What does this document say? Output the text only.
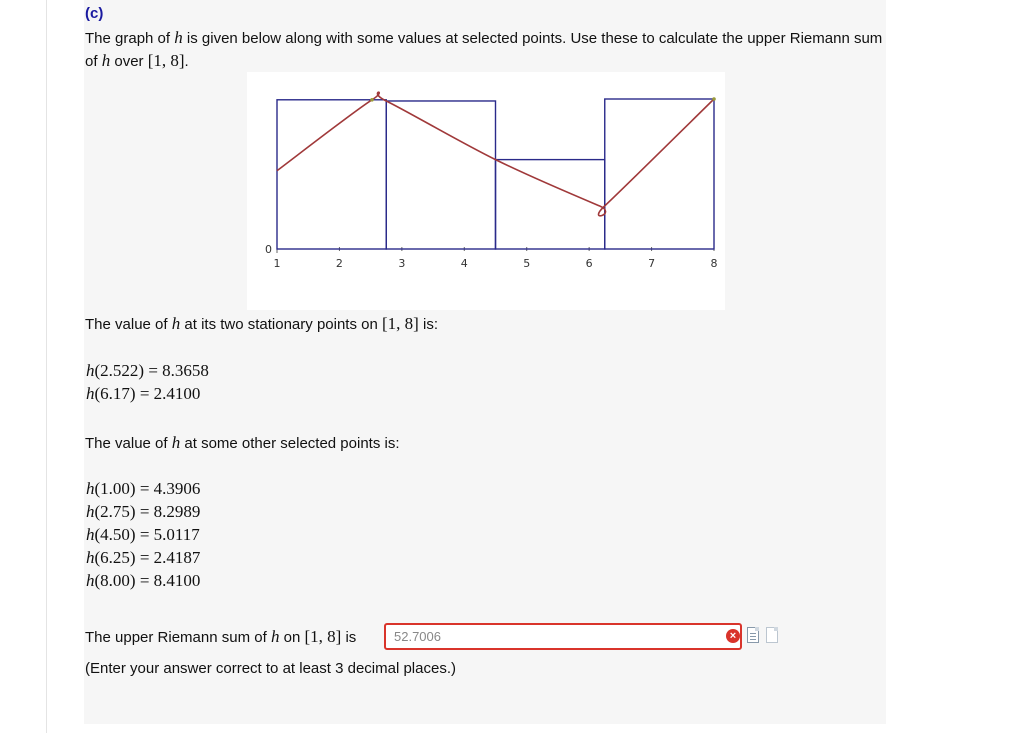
(c)
The graph of h is given below along with some values at selected points. Use these to calculate the upper Riemann sum of h over [1, 8].
1	2	3	4	5	6	7	8
0
The value of h at its two stationary points on [1, 8] is:
h(2.522) = 8.3658
h(6.17) = 2.4100
The value of h at some other selected points is:
h(1.00) = 4.3906
h(2.75) = 8.2989
h(4.50) = 5.0117
h(6.25) = 2.4187
h(8.00) = 8.4100
The upper Riemann sum of h on [1, 8] is
52.7006	×
(Enter your answer correct to at least 3 decimal places.)
